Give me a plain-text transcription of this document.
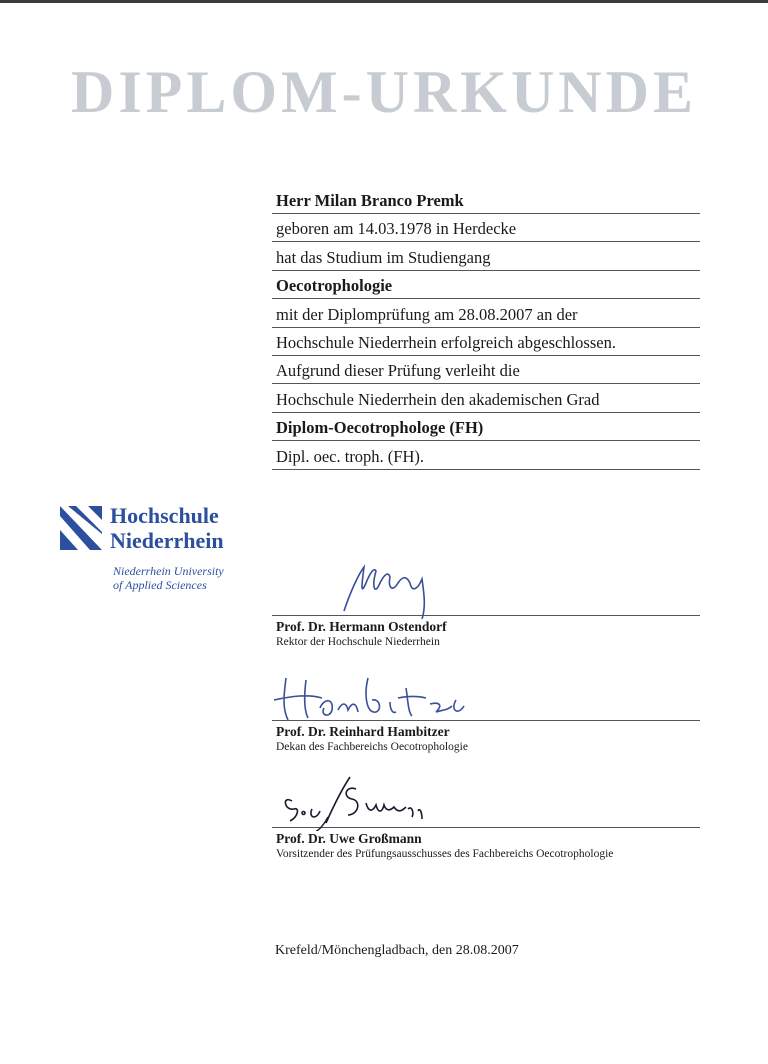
DIPLOM-URKUNDE
Herr Milan Branco Premk
geboren am 14.03.1978 in Herdecke
hat das Studium im Studiengang
Oecotrophologie
mit der Diplomprüfung am 28.08.2007 an der
Hochschule Niederrhein erfolgreich abgeschlossen.
Aufgrund dieser Prüfung verleiht die
Hochschule Niederrhein den akademischen Grad
Diplom-Oecotrophologe (FH)
Dipl. oec. troph. (FH).
Hochschule
Niederrhein
Niederrhein University
of Applied Sciences
Prof. Dr. Hermann Ostendorf
Rektor der Hochschule Niederrhein
Prof. Dr. Reinhard Hambitzer
Dekan des Fachbereichs Oecotrophologie
Prof. Dr. Uwe Großmann
Vorsitzender des Prüfungsausschusses des Fachbereichs Oecotrophologie
Krefeld/Mönchengladbach, den 28.08.2007
